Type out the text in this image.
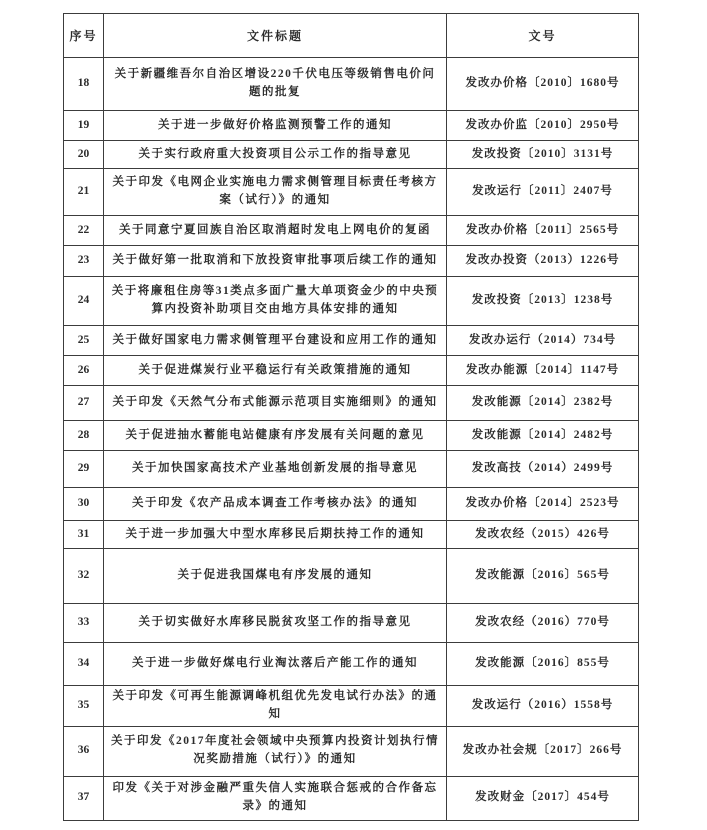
序号	文件标题	文号
18	关于新疆维吾尔自治区增设220千伏电压等级销售电价问题的批复	发改办价格〔2010〕1680号
19	关于进一步做好价格监测预警工作的通知	发改办价监〔2010〕2950号
20	关于实行政府重大投资项目公示工作的指导意见	发改投资〔2010〕3131号
21	关于印发《电网企业实施电力需求侧管理目标责任考核方案（试行）》的通知	发改运行〔2011〕2407号
22	关于同意宁夏回族自治区取消超时发电上网电价的复函	发改办价格〔2011〕2565号
23	关于做好第一批取消和下放投资审批事项后续工作的通知	发改办投资（2013）1226号
24	关于将廉租住房等31类点多面广量大单项资金少的中央预算内投资补助项目交由地方具体安排的通知	发改投资〔2013〕1238号
25	关于做好国家电力需求侧管理平台建设和应用工作的通知	发改办运行（2014）734号
26	关于促进煤炭行业平稳运行有关政策措施的通知	发改办能源〔2014〕1147号
27	关于印发《天然气分布式能源示范项目实施细则》的通知	发改能源〔2014〕2382号
28	关于促进抽水蓄能电站健康有序发展有关问题的意见	发改能源〔2014〕2482号
29	关于加快国家高技术产业基地创新发展的指导意见	发改高技（2014）2499号
30	关于印发《农产品成本调查工作考核办法》的通知	发改办价格〔2014〕2523号
31	关于进一步加强大中型水库移民后期扶持工作的通知	发改农经（2015）426号
32	关于促进我国煤电有序发展的通知	发改能源〔2016〕565号
33	关于切实做好水库移民脱贫攻坚工作的指导意见	发改农经（2016）770号
34	关于进一步做好煤电行业淘汰落后产能工作的通知	发改能源〔2016〕855号
35	关于印发《可再生能源调峰机组优先发电试行办法》的通知	发改运行（2016）1558号
36	关于印发《2017年度社会领域中央预算内投资计划执行情况奖励措施（试行）》的通知	发改办社会规〔2017〕266号
37	印发《关于对涉金融严重失信人实施联合惩戒的合作备忘录》的通知	发改财金〔2017〕454号
